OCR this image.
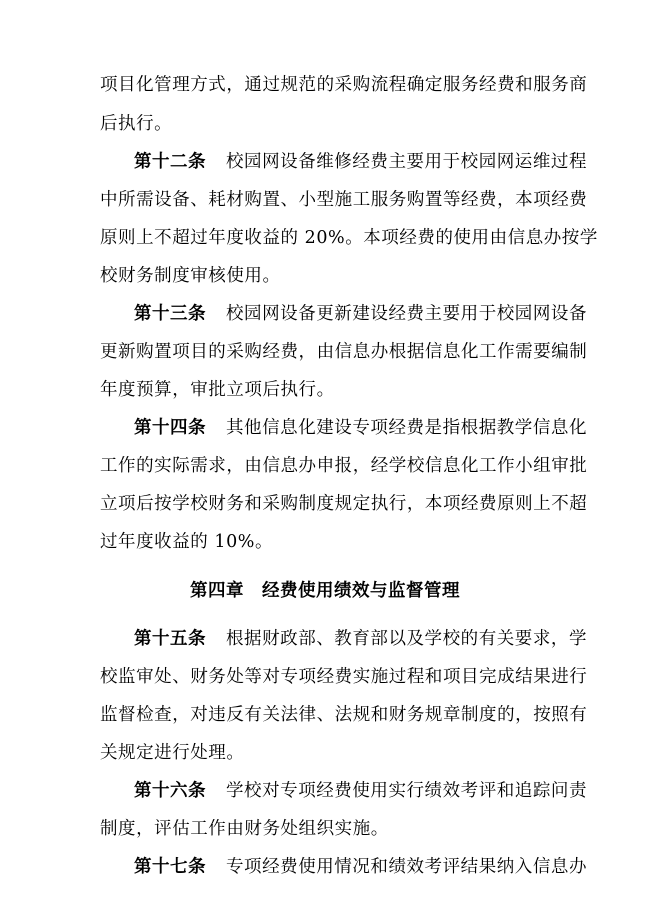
项目化管理方式，通过规范的采购流程确定服务经费和服务商
后执行。
第十二条 校园网设备维修经费主要用于校园网运维过程
中所需设备、耗材购置、小型施工服务购置等经费，本项经费
原则上不超过年度收益的 20%。本项经费的使用由信息办按学
校财务制度审核使用。
第十三条 校园网设备更新建设经费主要用于校园网设备
更新购置项目的采购经费，由信息办根据信息化工作需要编制
年度预算，审批立项后执行。
第十四条 其他信息化建设专项经费是指根据教学信息化
工作的实际需求，由信息办申报，经学校信息化工作小组审批
立项后按学校财务和采购制度规定执行，本项经费原则上不超
过年度收益的 10%。
第四章　经费使用绩效与监督管理
第十五条 根据财政部、教育部以及学校的有关要求，学
校监审处、财务处等对专项经费实施过程和项目完成结果进行
监督检查，对违反有关法律、法规和财务规章制度的，按照有
关规定进行处理。
第十六条 学校对专项经费使用实行绩效考评和追踪问责
制度，评估工作由财务处组织实施。
第十七条 专项经费使用情况和绩效考评结果纳入信息办
